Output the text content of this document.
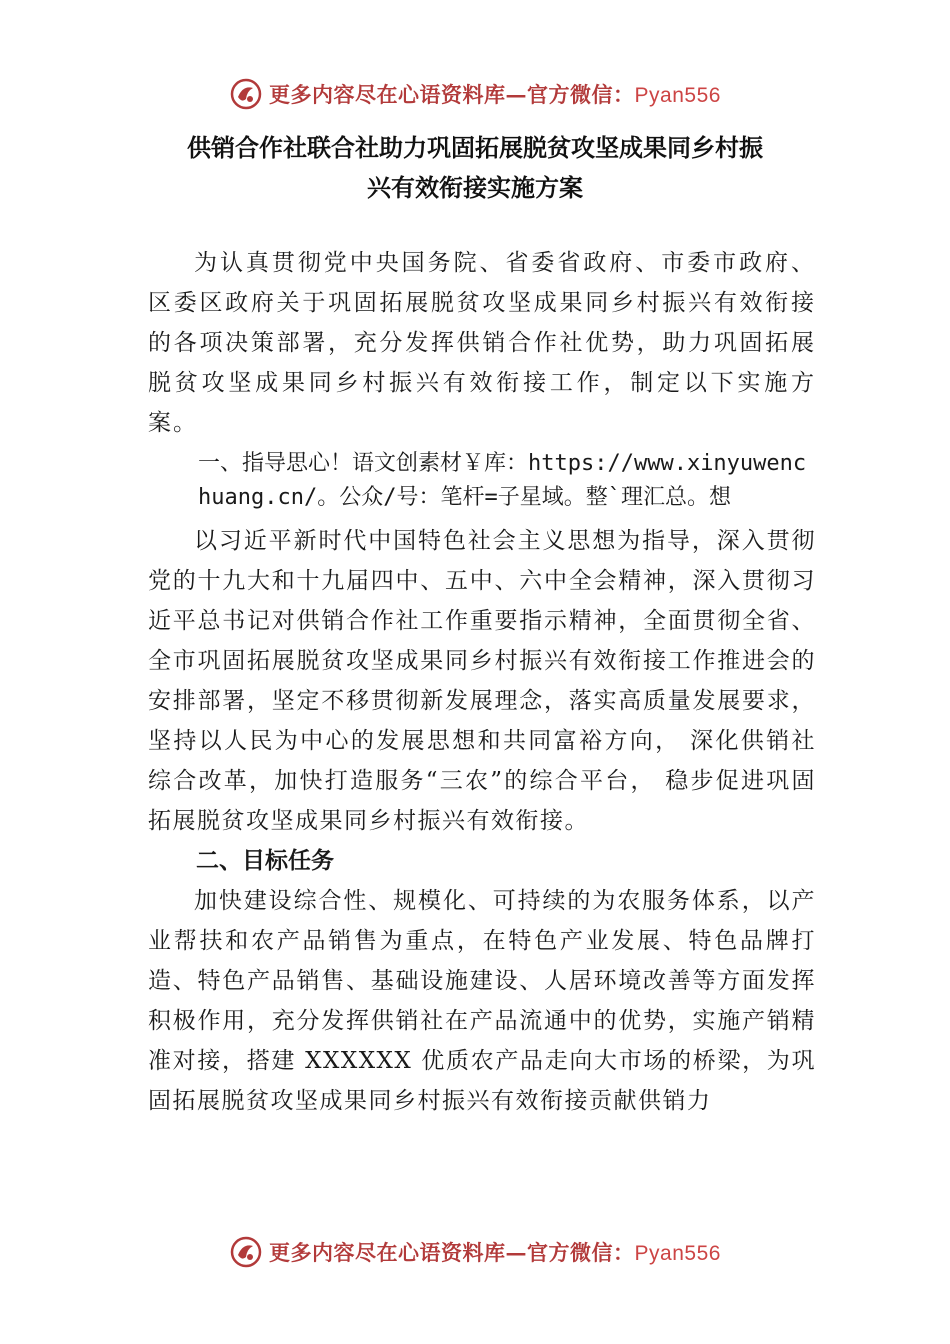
更多内容尽在心语资料库—官方微信：Pyan556
供销合作社联合社助力巩固拓展脱贫攻坚成果同乡村振
兴有效衔接实施方案

为认真贯彻党中央国务院、省委省政府、市委市政府、区委区政府关于巩固拓展脱贫攻坚成果同乡村振兴有效衔接的各项决策部署，充分发挥供销合作社优势，助力巩固拓展脱贫攻坚成果同乡村振兴有效衔接工作，制定以下实施方案。

一、指导思心！语文创素材￥库：https://www.xinyuwenchuang.cn/。公众/号：笔杆=子星域。整`理汇总。想

以习近平新时代中国特色社会主义思想为指导，深入贯彻党的十九大和十九届四中、五中、六中全会精神，深入贯彻习近平总书记对供销合作社工作重要指示精神，全面贯彻全省、全市巩固拓展脱贫攻坚成果同乡村振兴有效衔接工作推进会的安排部署，坚定不移贯彻新发展理念，落实高质量发展要求，坚持以人民为中心的发展思想和共同富裕方向， 深化供销社综合改革，加快打造服务“三农”的综合平台， 稳步促进巩固拓展脱贫攻坚成果同乡村振兴有效衔接。

二、目标任务

加快建设综合性、规模化、可持续的为农服务体系，以产业帮扶和农产品销售为重点，在特色产业发展、特色品牌打造、特色产品销售、基础设施建设、人居环境改善等方面发挥积极作用，充分发挥供销社在产品流通中的优势，实施产销精准对接，搭建 XXXXXX 优质农产品走向大市场的桥梁，为巩固拓展脱贫攻坚成果同乡村振兴有效衔接贡献供销力

更多内容尽在心语资料库—官方微信：Pyan556
